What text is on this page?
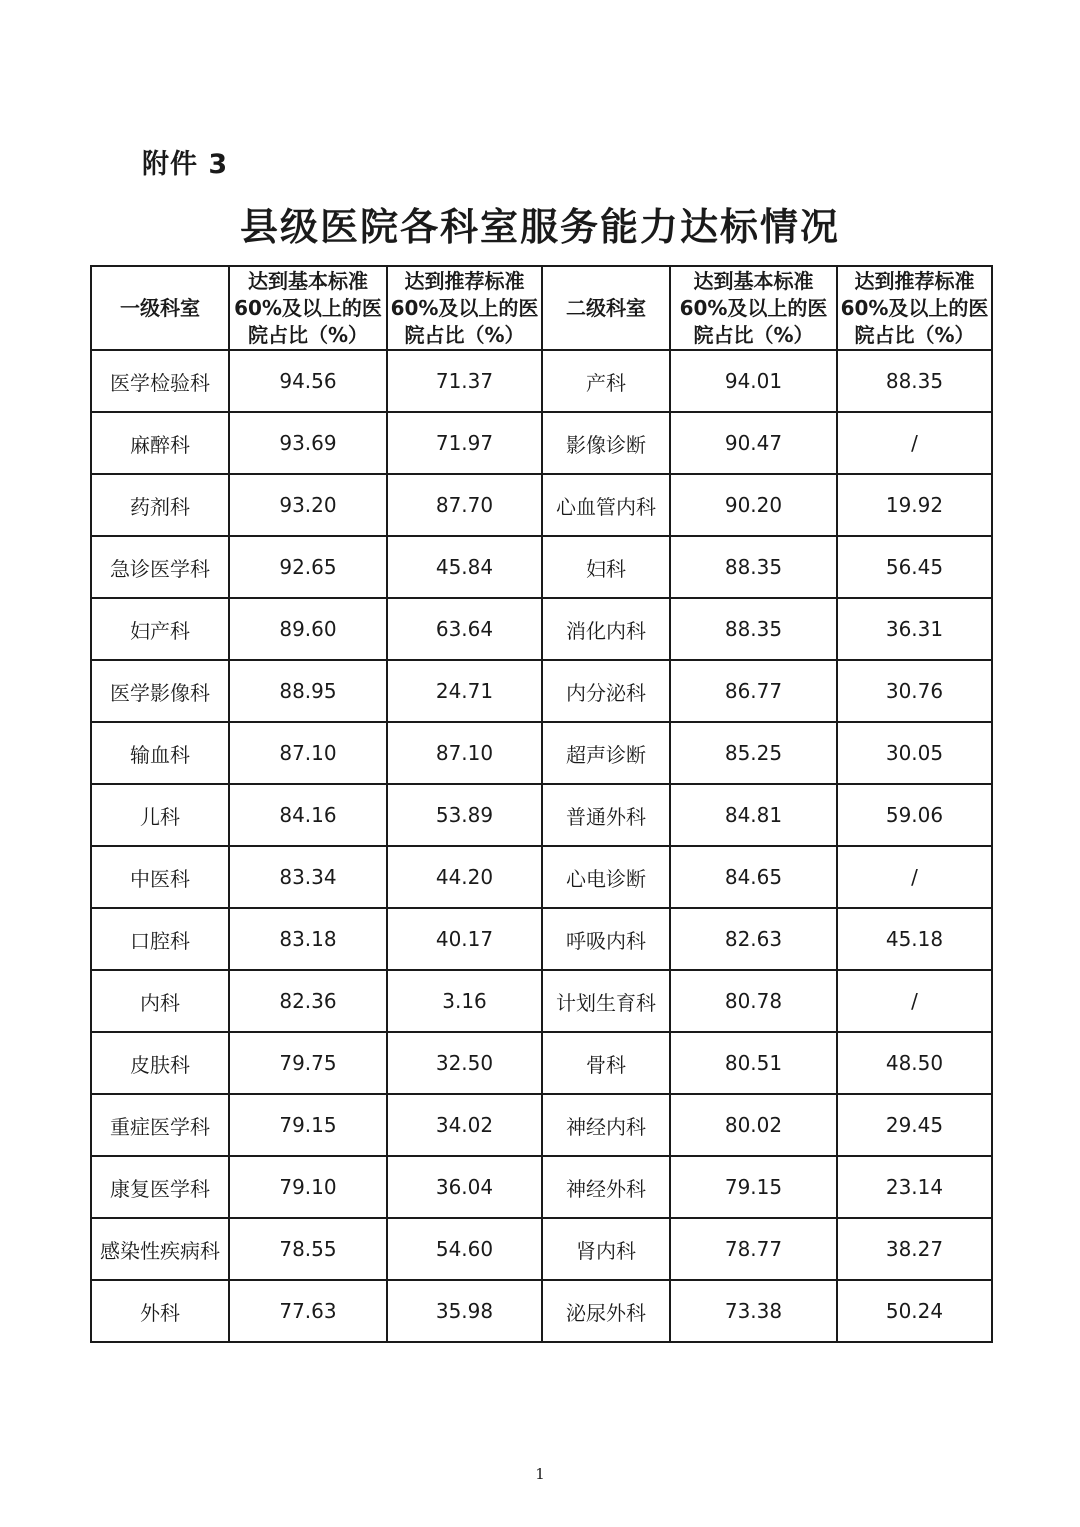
附件 3
县级医院各科室服务能力达标情况
一级科室	达到基本标准
60%及以上的医
院占比（%）	达到推荐标准
60%及以上的医
院占比（%）	二级科室	达到基本标准
60%及以上的医
院占比（%）	达到推荐标准
60%及以上的医
院占比（%）

医学检验科	94.56	71.37	产科	94.01	88.35
麻醉科	93.69	71.97	影像诊断	90.47	/
药剂科	93.20	87.70	心血管内科	90.20	19.92
急诊医学科	92.65	45.84	妇科	88.35	56.45
妇产科	89.60	63.64	消化内科	88.35	36.31
医学影像科	88.95	24.71	内分泌科	86.77	30.76
输血科	87.10	87.10	超声诊断	85.25	30.05
儿科	84.16	53.89	普通外科	84.81	59.06
中医科	83.34	44.20	心电诊断	84.65	/
口腔科	83.18	40.17	呼吸内科	82.63	45.18
内科	82.36	3.16	计划生育科	80.78	/
皮肤科	79.75	32.50	骨科	80.51	48.50
重症医学科	79.15	34.02	神经内科	80.02	29.45
康复医学科	79.10	36.04	神经外科	79.15	23.14
感染性疾病科	78.55	54.60	肾内科	78.77	38.27
外科	77.63	35.98	泌尿外科	73.38	50.24
1
